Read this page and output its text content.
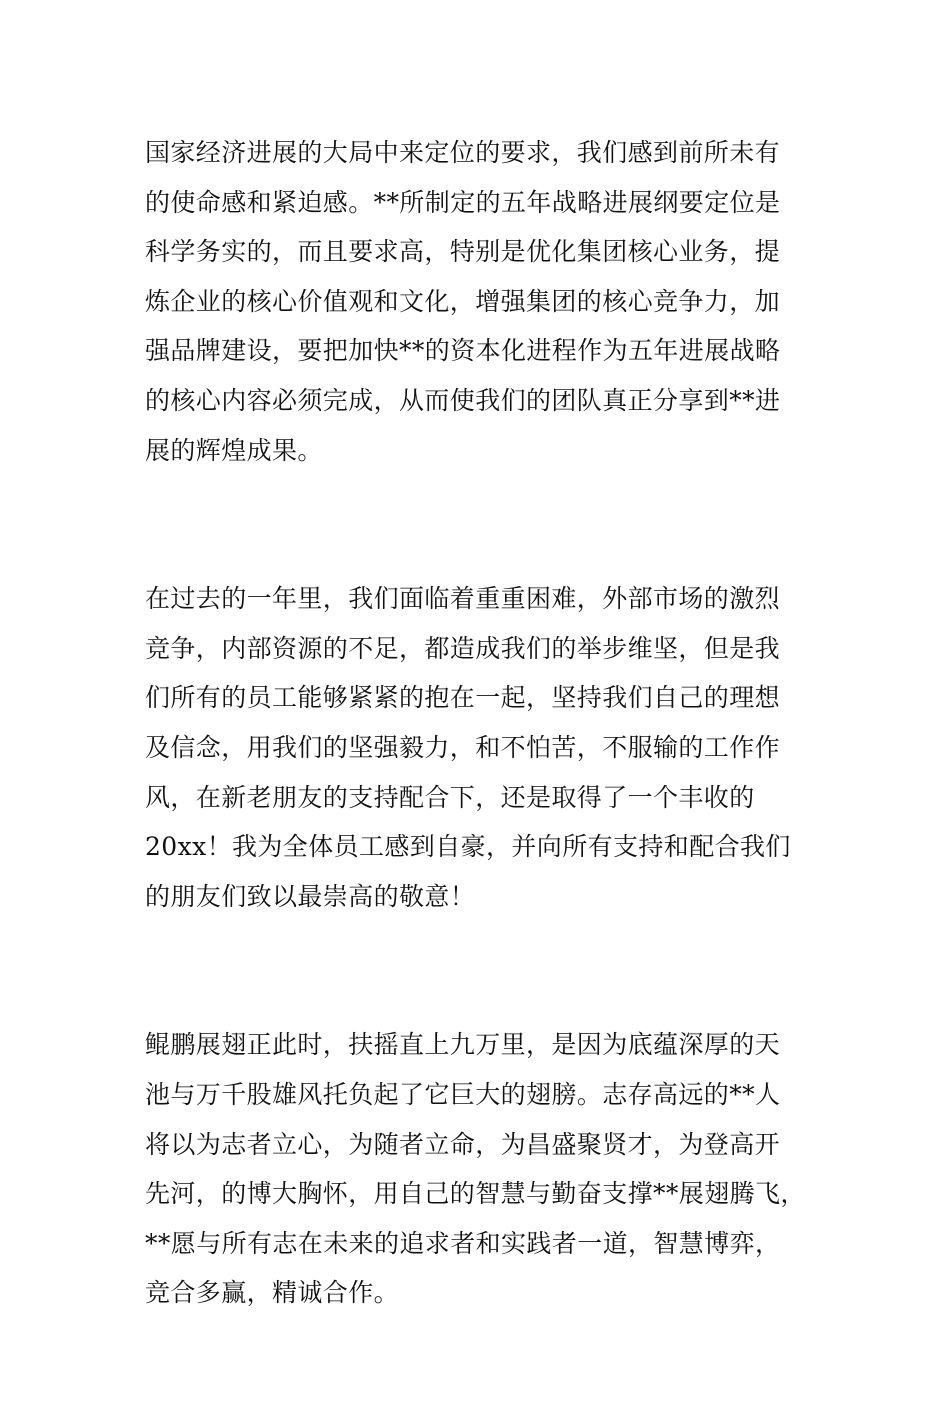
国家经济进展的大局中来定位的要求，我们感到前所未有
的使命感和紧迫感。**所制定的五年战略进展纲要定位是
科学务实的，而且要求高，特别是优化集团核心业务，提
炼企业的核心价值观和文化，增强集团的核心竞争力，加
强品牌建设，要把加快**的资本化进程作为五年进展战略
的核心内容必须完成，从而使我们的团队真正分享到**进
展的辉煌成果。

在过去的一年里，我们面临着重重困难，外部市场的激烈
竞争，内部资源的不足，都造成我们的举步维坚，但是我
们所有的员工能够紧紧的抱在一起，坚持我们自己的理想
及信念，用我们的坚强毅力，和不怕苦，不服输的工作作
风，在新老朋友的支持配合下，还是取得了一个丰收的
20xx！我为全体员工感到自豪，并向所有支持和配合我们
的朋友们致以最崇高的敬意！

鲲鹏展翅正此时，扶摇直上九万里，是因为底蕴深厚的天
池与万千股雄风托负起了它巨大的翅膀。志存高远的**人
将以为志者立心，为随者立命，为昌盛聚贤才，为登高开
先河，的博大胸怀，用自己的智慧与勤奋支撑**展翅腾飞，
**愿与所有志在未来的追求者和实践者一道，智慧博弈，
竞合多赢，精诚合作。
